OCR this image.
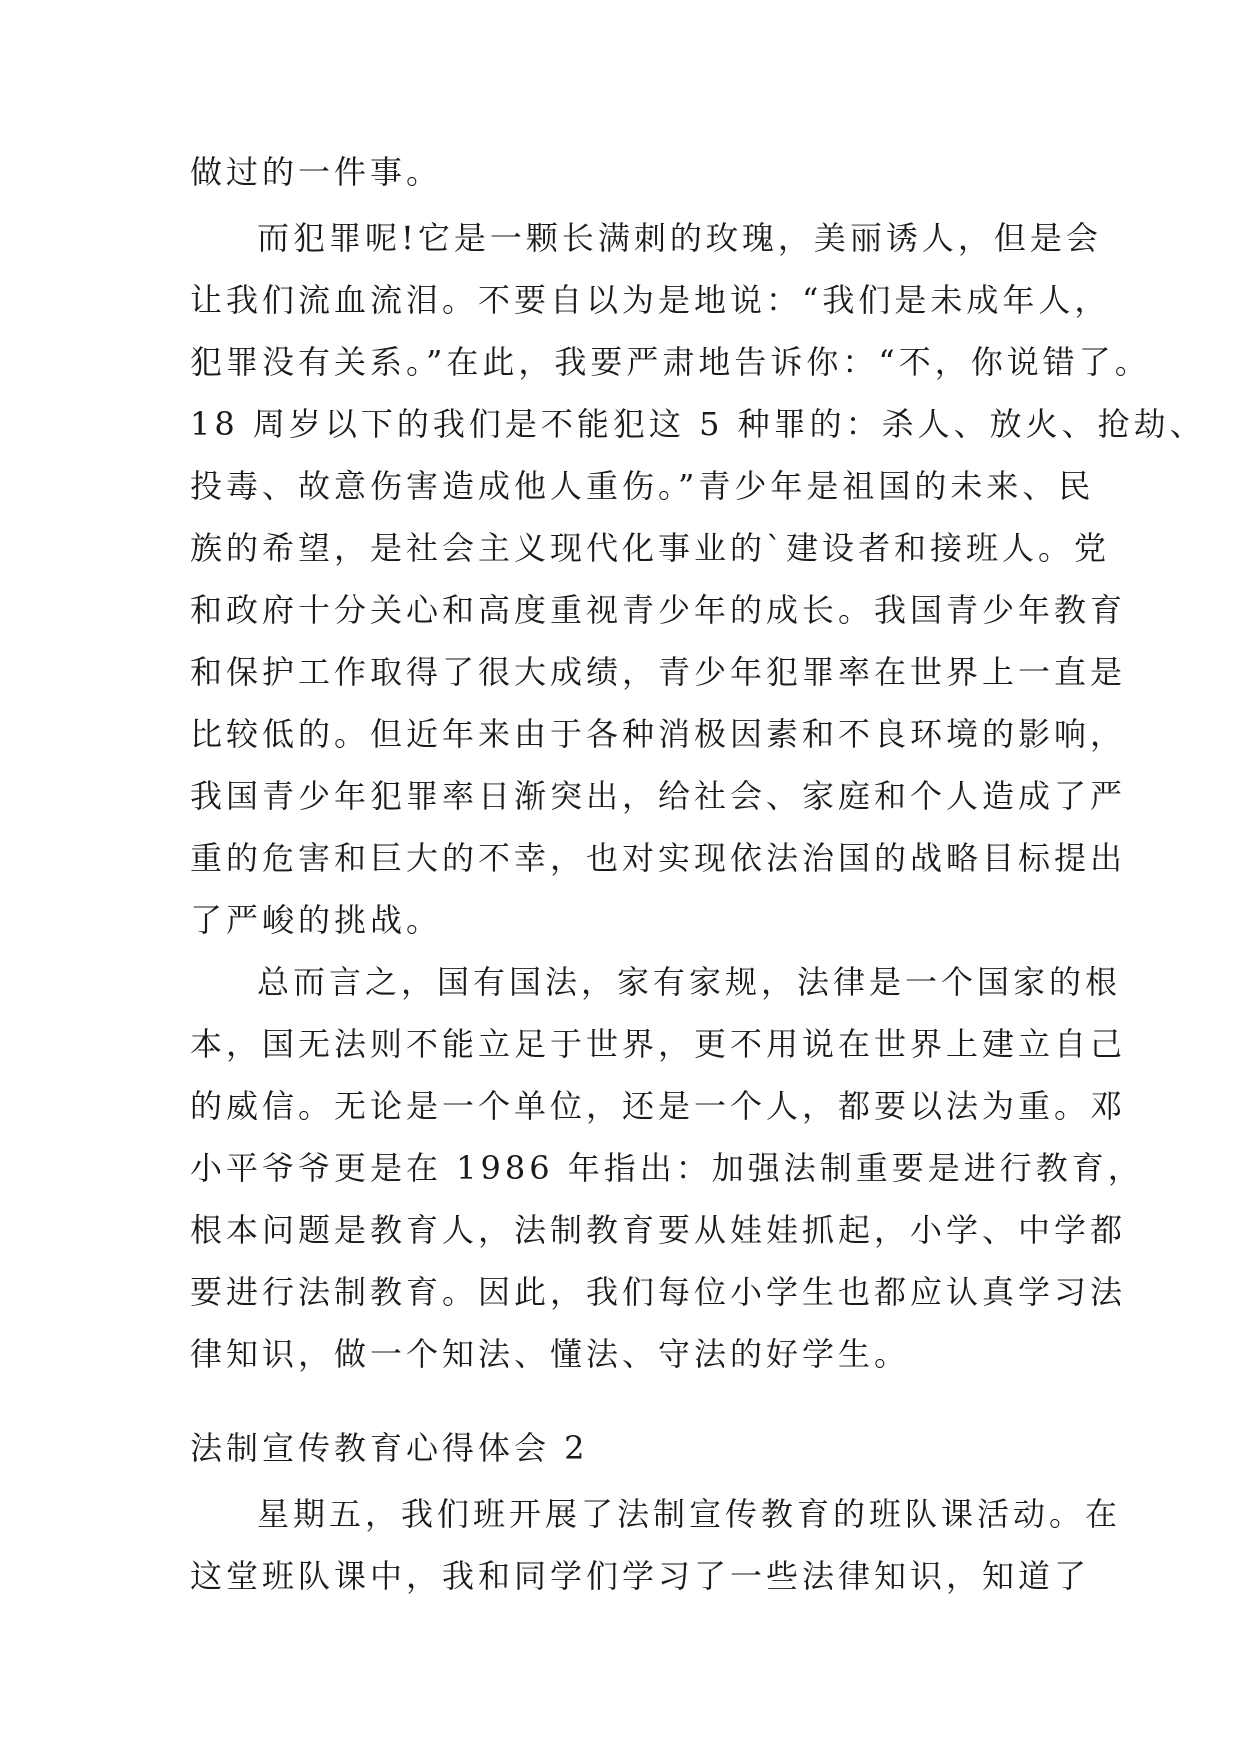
做过的一件事。
而犯罪呢!它是一颗长满刺的玫瑰，美丽诱人，但是会
让我们流血流泪。不要自以为是地说：“我们是未成年人，
犯罪没有关系。”在此，我要严肃地告诉你：“不，你说错了。
18 周岁以下的我们是不能犯这 5 种罪的：杀人、放火、抢劫、
投毒、故意伤害造成他人重伤。”青少年是祖国的未来、民
族的希望，是社会主义现代化事业的`建设者和接班人。党
和政府十分关心和高度重视青少年的成长。我国青少年教育
和保护工作取得了很大成绩，青少年犯罪率在世界上一直是
比较低的。但近年来由于各种消极因素和不良环境的影响，
我国青少年犯罪率日渐突出，给社会、家庭和个人造成了严
重的危害和巨大的不幸，也对实现依法治国的战略目标提出
了严峻的挑战。
总而言之，国有国法，家有家规，法律是一个国家的根
本，国无法则不能立足于世界，更不用说在世界上建立自己
的威信。无论是一个单位，还是一个人，都要以法为重。邓
小平爷爷更是在 1986 年指出：加强法制重要是进行教育，
根本问题是教育人，法制教育要从娃娃抓起，小学、中学都
要进行法制教育。因此，我们每位小学生也都应认真学习法
律知识，做一个知法、懂法、守法的好学生。
法制宣传教育心得体会 2
星期五，我们班开展了法制宣传教育的班队课活动。在
这堂班队课中，我和同学们学习了一些法律知识，知道了
